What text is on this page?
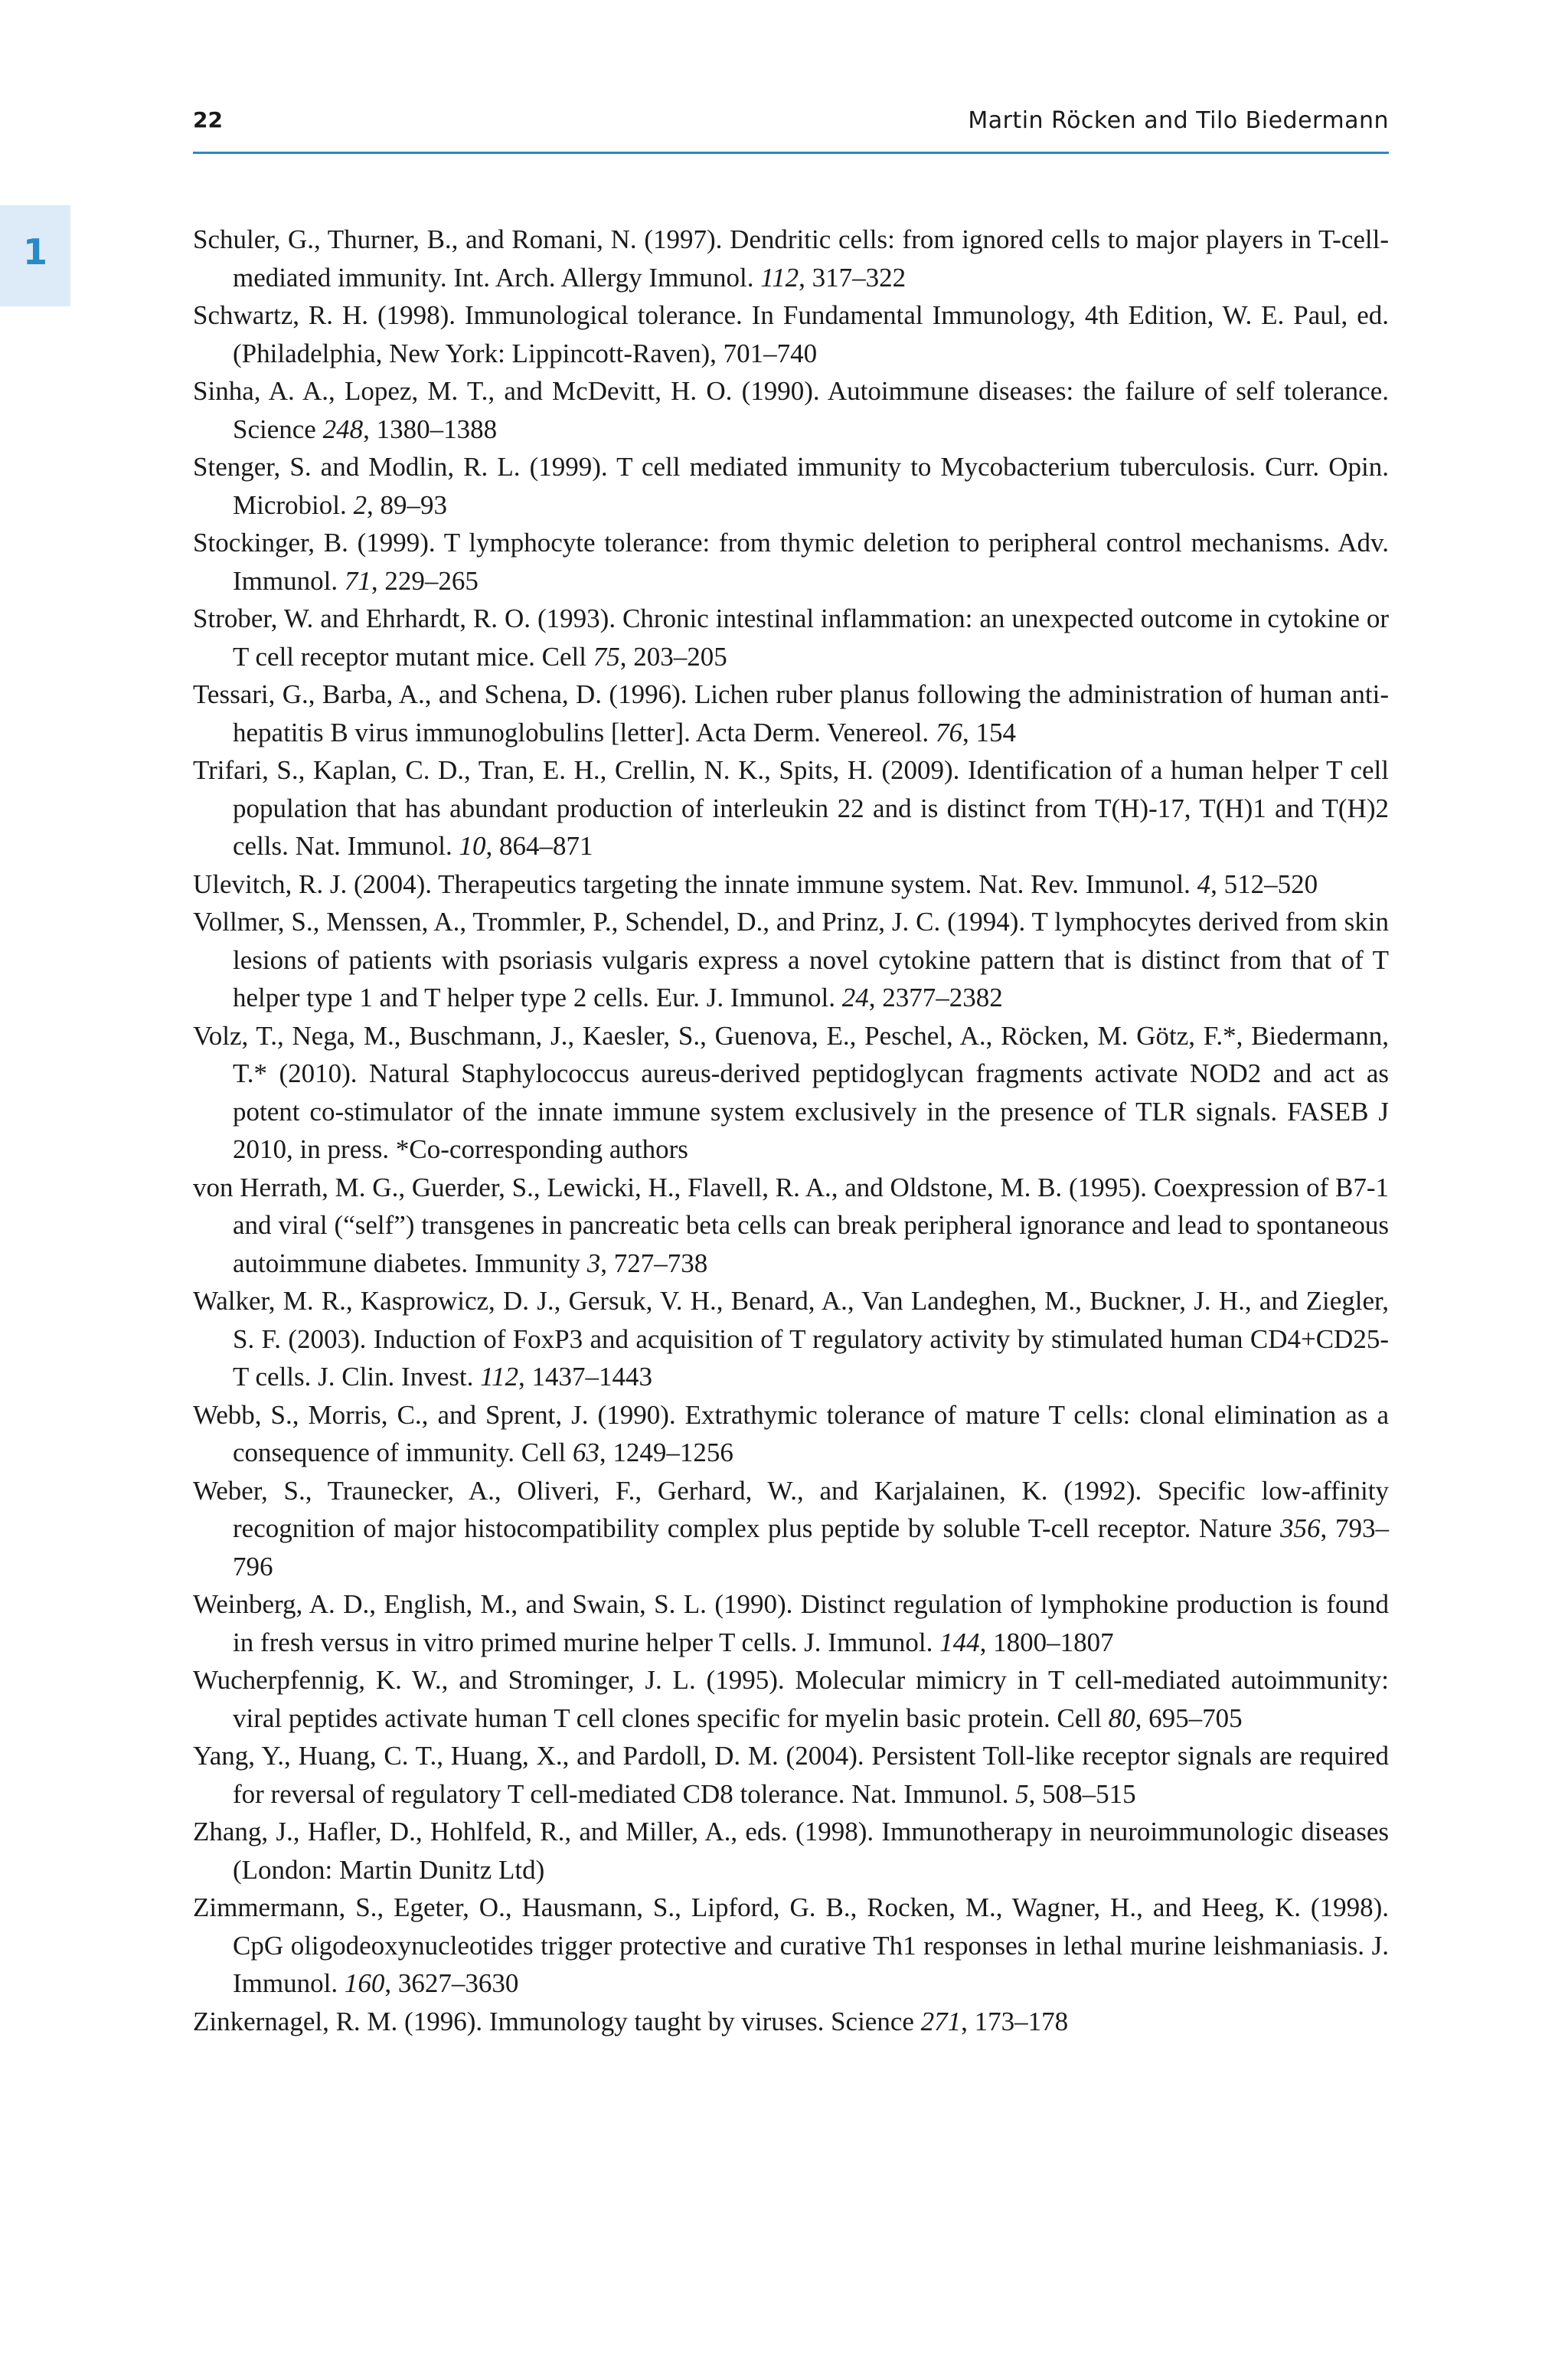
22	Martin Röcken and Tilo Biedermann
1	Schuler, G., Thurner, B., and Romani, N. (1997). Dendritic cells: from ignored cells to major players in T-cell-mediated immunity. Int. Arch. Allergy Immunol. 112, 317–322
Schwartz, R. H. (1998). Immunological tolerance. In Fundamental Immunology, 4th Edition, W. E. Paul, ed. (Philadelphia, New York: Lippincott-Raven), 701–740
Sinha, A. A., Lopez, M. T., and McDevitt, H. O. (1990). Autoimmune diseases: the failure of self tolerance. Science 248, 1380–1388
Stenger, S. and Modlin, R. L. (1999). T cell mediated immunity to Mycobacterium tuberculosis. Curr. Opin. Microbiol. 2, 89–93
Stockinger, B. (1999). T lymphocyte tolerance: from thymic deletion to peripheral control mechanisms. Adv. Immunol. 71, 229–265
Strober, W. and Ehrhardt, R. O. (1993). Chronic intestinal inflammation: an unexpected outcome in cytokine or T cell receptor mutant mice. Cell 75, 203–205
Tessari, G., Barba, A., and Schena, D. (1996). Lichen ruber planus following the administration of human anti-hepatitis B virus immunoglobulins [letter]. Acta Derm. Venereol. 76, 154
Trifari, S., Kaplan, C. D., Tran, E. H., Crellin, N. K., Spits, H. (2009). Identification of a human helper T cell population that has abundant production of interleukin 22 and is distinct from T(H)-17, T(H)1 and T(H)2 cells. Nat. Immunol. 10, 864–871
Ulevitch, R. J. (2004). Therapeutics targeting the innate immune system. Nat. Rev. Immunol. 4, 512–520
Vollmer, S., Menssen, A., Trommler, P., Schendel, D., and Prinz, J. C. (1994). T lymphocytes derived from skin lesions of patients with psoriasis vulgaris express a novel cytokine pattern that is distinct from that of T helper type 1 and T helper type 2 cells. Eur. J. Immunol. 24, 2377–2382
Volz, T., Nega, M., Buschmann, J., Kaesler, S., Guenova, E., Peschel, A., Röcken, M. Götz, F.*, Biedermann, T.* (2010). Natural Staphylococcus aureus-derived peptidoglycan fragments activate NOD2 and act as potent co-stimulator of the innate immune system exclusively in the presence of TLR signals. FASEB J 2010, in press. *Co-corresponding authors
von Herrath, M. G., Guerder, S., Lewicki, H., Flavell, R. A., and Oldstone, M. B. (1995). Coexpression of B7-1 and viral (“self”) transgenes in pancreatic beta cells can break peripheral ignorance and lead to spontaneous autoimmune diabetes. Immunity 3, 727–738
Walker, M. R., Kasprowicz, D. J., Gersuk, V. H., Benard, A., Van Landeghen, M., Buckner, J. H., and Ziegler, S. F. (2003). Induction of FoxP3 and acquisition of T regulatory activity by stimulated human CD4+CD25- T cells. J. Clin. Invest. 112, 1437–1443
Webb, S., Morris, C., and Sprent, J. (1990). Extrathymic tolerance of mature T cells: clonal elimination as a consequence of immunity. Cell 63, 1249–1256
Weber, S., Traunecker, A., Oliveri, F., Gerhard, W., and Karjalainen, K. (1992). Specific low-affinity recognition of major histocompatibility complex plus peptide by soluble T-cell receptor. Nature 356, 793–796
Weinberg, A. D., English, M., and Swain, S. L. (1990). Distinct regulation of lymphokine production is found in fresh versus in vitro primed murine helper T cells. J. Immunol. 144, 1800–1807
Wucherpfennig, K. W., and Strominger, J. L. (1995). Molecular mimicry in T cell-mediated autoimmunity: viral peptides activate human T cell clones specific for myelin basic protein. Cell 80, 695–705
Yang, Y., Huang, C. T., Huang, X., and Pardoll, D. M. (2004). Persistent Toll-like receptor signals are required for reversal of regulatory T cell-mediated CD8 tolerance. Nat. Immunol. 5, 508–515
Zhang, J., Hafler, D., Hohlfeld, R., and Miller, A., eds. (1998). Immunotherapy in neuroimmunologic diseases (London: Martin Dunitz Ltd)
Zimmermann, S., Egeter, O., Hausmann, S., Lipford, G. B., Rocken, M., Wagner, H., and Heeg, K. (1998). CpG oligodeoxynucleotides trigger protective and curative Th1 responses in lethal murine leishmaniasis. J. Immunol. 160, 3627–3630
Zinkernagel, R. M. (1996). Immunology taught by viruses. Science 271, 173–178
